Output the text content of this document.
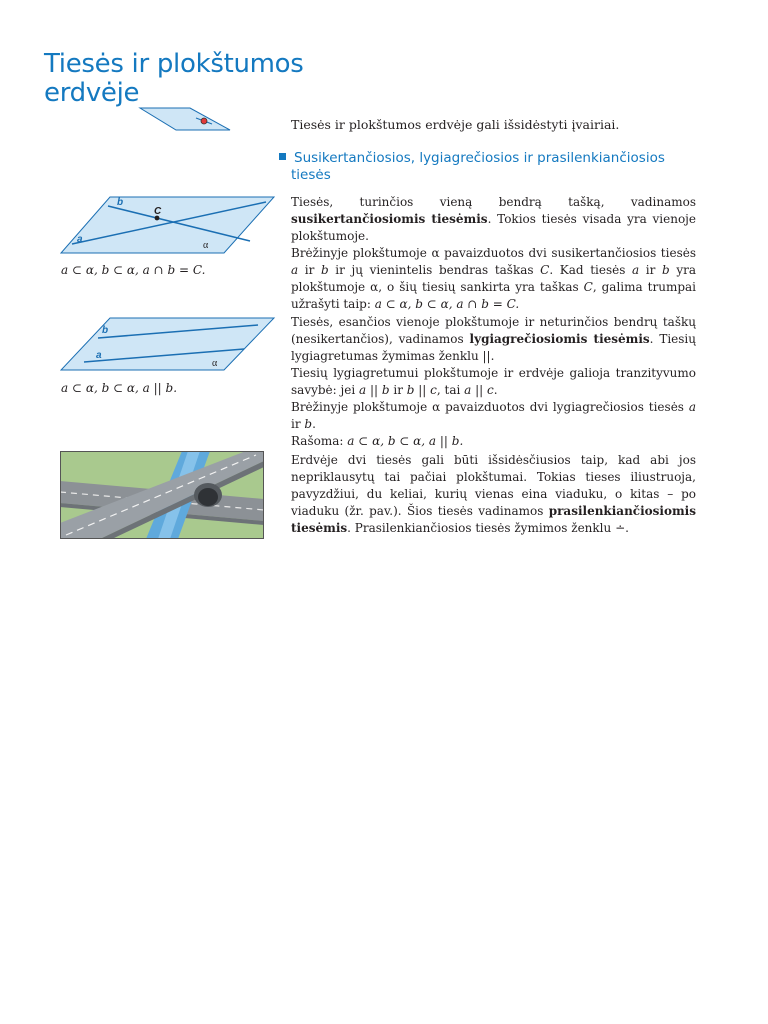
Tiesės ir plokštumos
erdvėje

Tiesės ir plokštumos erdvėje gali išsidėstyti įvairiai.

Susikertančiosios, lygiagrečiosios ir prasilenkiančiosios
tiesės
b
C
a
α
a ⊂ α, b ⊂ α, a ∩ b = C.

Tiesės, turinčios vieną bendrą tašką, vadinamos susikertančiosiomis tiesėmis. Tokios tiesės visada yra vienoje plokštumoje.
Brėžinyje plokštumoje α pavaizduotos dvi susikertančiosios tiesės a ir b ir jų vienintelis bendras taškas C. Kad tiesės a ir b yra plokštumoje α, o šių tiesių sankirta yra taškas C, galima trumpai užrašyti taip: a ⊂ α, b ⊂ α, a ∩ b = C.

b
a
α
a ⊂ α, b ⊂ α, a || b.

Tiesės, esančios vienoje plokštumoje ir neturinčios bendrų taškų (nesikertančios), vadinamos lygiagrečiosiomis tiesėmis. Tiesių lygiagretumas žymimas ženklu ||.
Tiesių lygiagretumui plokštumoje ir erdvėje galioja tranzityvumo savybė: jei a || b ir b || c, tai a || c.
Brėžinyje plokštumoje α pavaizduotos dvi lygiagrečiosios tiesės a ir b.
Rašoma: a ⊂ α, b ⊂ α, a || b.

Erdvėje dvi tiesės gali būti išsidėsčiusios taip, kad abi jos nepriklausytų tai pačiai plokštumai. Tokias tieses iliustruoja, pavyzdžiui, du keliai, kurių vienas eina viaduku, o kitas – po viaduku (žr. pav.). Šios tiesės vadinamos prasilenkiančiosiomis tiesėmis. Prasilenkiančiosios tiesės žymimos ženklu ∸.
